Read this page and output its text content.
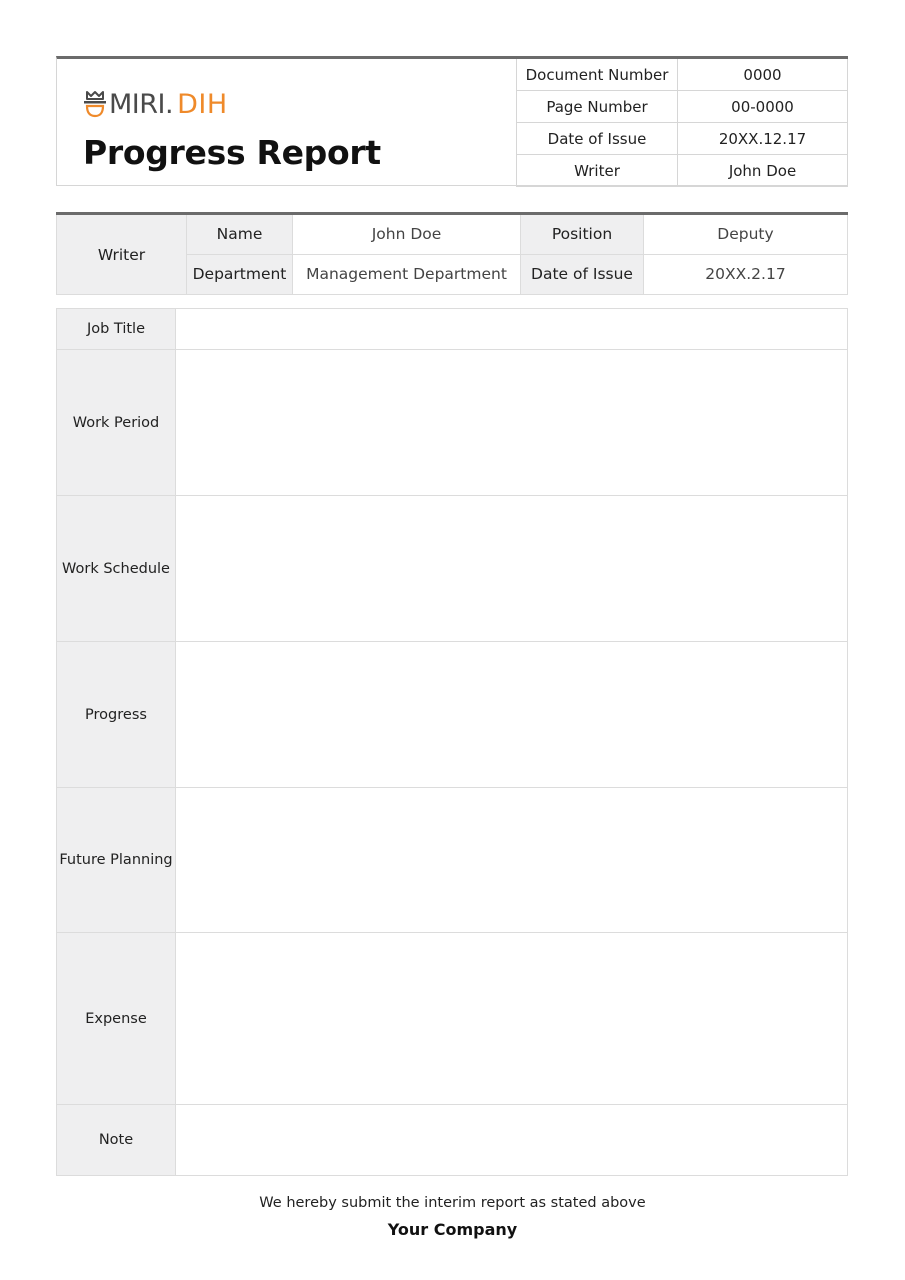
MIRI. DIH
Progress Report
Document Number	0000
Page Number	00-0000
Date of Issue	20XX.12.17
Writer	John Doe
Writer	Name	John Doe	Position	Deputy
	Department	Management Department	Date of Issue	20XX.2.17
Job Title	
Work Period	
Work Schedule	
Progress	
Future Planning	
Expense	
Note	
We hereby submit the interim report as stated above
Your Company
